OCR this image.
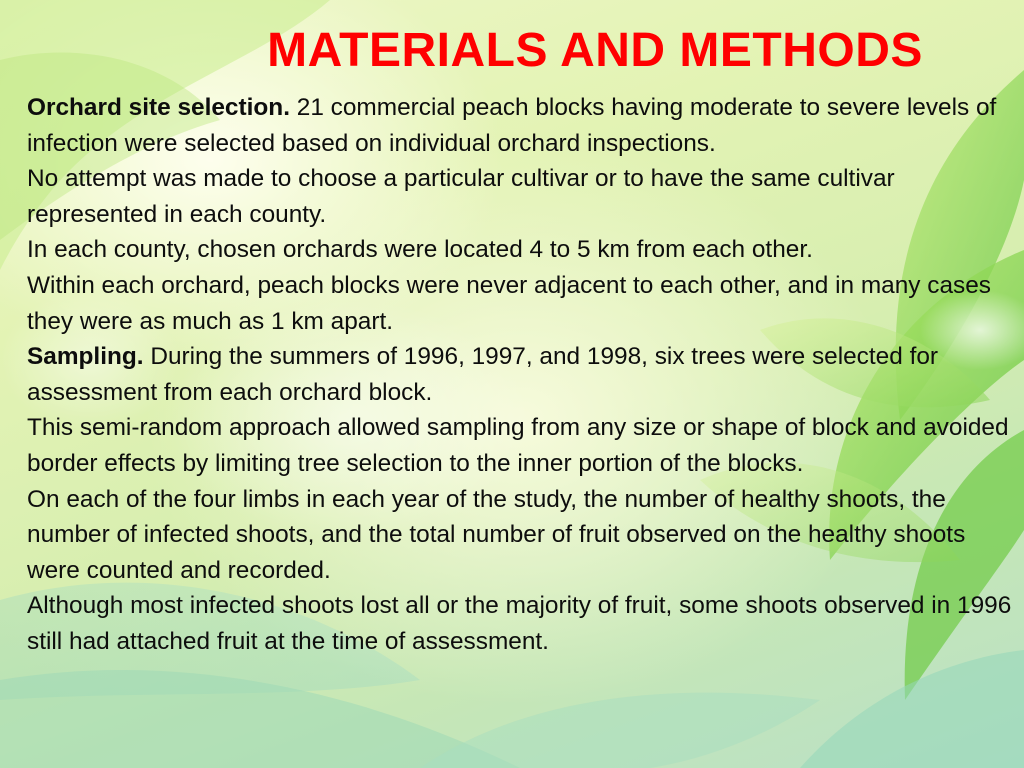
MATERIALS AND METHODS

Orchard site selection. 21 commercial peach blocks having moderate to severe levels of infection were selected based on individual orchard inspections.

No attempt was made to choose a particular cultivar or to have the same cultivar represented in each county.

In each county, chosen orchards were located 4 to 5 km from each other.

Within each orchard, peach blocks were never adjacent to each other, and in many cases they were as much as 1 km apart.

Sampling. During the summers of 1996, 1997, and 1998, six trees were selected for assessment from each orchard block.

This semi-random approach allowed sampling from any size or shape of block and avoided border effects by limiting tree selection to the inner portion of the blocks.

On each of the four limbs in each year of the study, the number of healthy shoots, the number of infected shoots, and the total number of fruit observed on the healthy shoots were counted and recorded.

Although most infected shoots lost all or the majority of fruit, some shoots observed in 1996 still had attached fruit at the time of assessment.
